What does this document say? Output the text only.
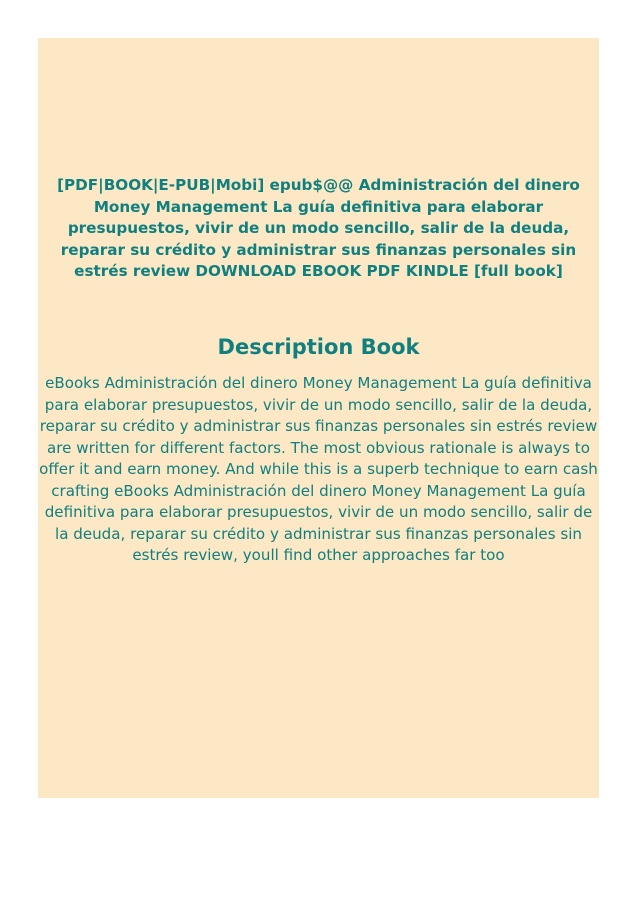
[PDF|BOOK|E-PUB|Mobi] epub$@@ Administración del dinero Money Management La guía definitiva para elaborar presupuestos, vivir de un modo sencillo, salir de la deuda, reparar su crédito y administrar sus finanzas personales sin estrés review DOWNLOAD EBOOK PDF KINDLE [full book]

Description Book

eBooks Administración del dinero Money Management La guía definitiva para elaborar presupuestos, vivir de un modo sencillo, salir de la deuda, reparar su crédito y administrar sus finanzas personales sin estrés review are written for different factors. The most obvious rationale is always to offer it and earn money. And while this is a superb technique to earn cash crafting eBooks Administración del dinero Money Management La guía definitiva para elaborar presupuestos, vivir de un modo sencillo, salir de la deuda, reparar su crédito y administrar sus finanzas personales sin estrés review, youll find other approaches far too
